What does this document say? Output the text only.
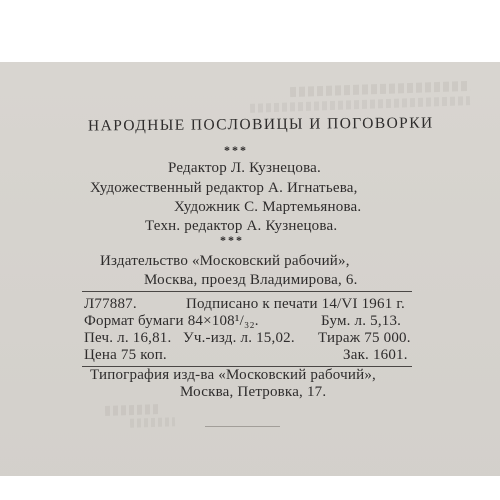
НАРОДНЫЕ ПОСЛОВИЦЫ И ПОГОВОРКИ
***
Редактор Л. Кузнецова.
Художественный редактор А. Игнатьева,
Художник С. Мартемьянова.
Техн. редактор А. Кузнецова.
***
Издательство «Московский рабочий»,
Москва, проезд Владимирова, 6.
Л77887.	Подписано к печати 14/VI 1961 г.
Формат бумаги 84×108¹/₃₂.	Бум. л. 5,13.
Печ. л. 16,81. Уч.-изд. л. 15,02. Тираж 75 000.
Цена 75 коп.	Зак. 1601.
Типография изд-ва «Московский рабочий»,
Москва, Петровка, 17.
